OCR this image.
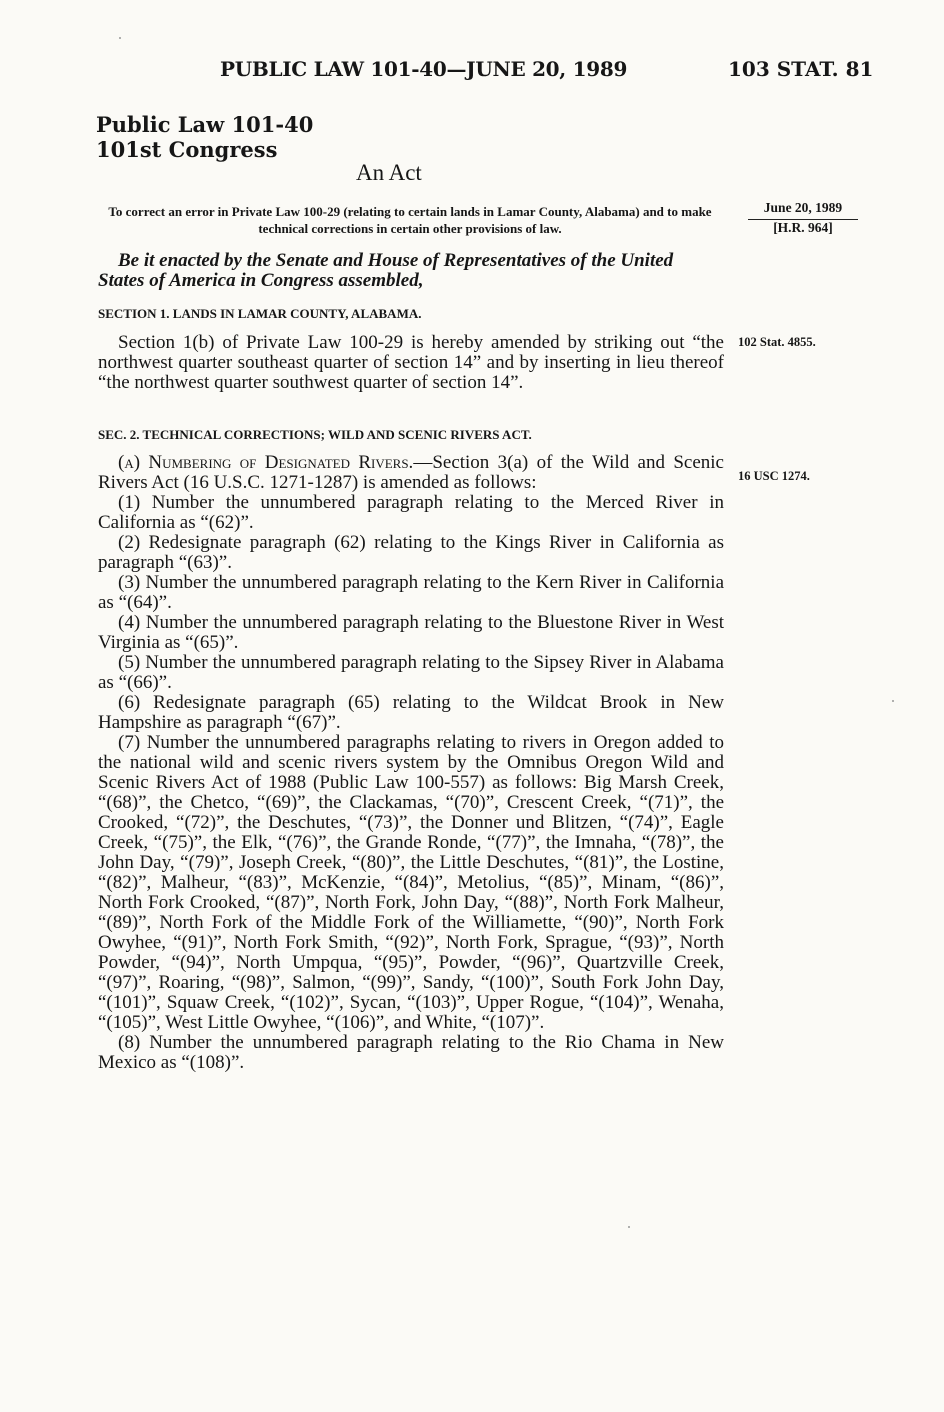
PUBLIC LAW 101-40—JUNE 20, 1989	103 STAT. 81
Public Law 101-40
101st Congress
An Act
To correct an error in Private Law 100-29 (relating to certain lands in Lamar County, Alabama) and to make technical corrections in certain other provisions of law.
June 20, 1989
[H.R. 964]
Be it enacted by the Senate and House of Representatives of the United States of America in Congress assembled,
SECTION 1. LANDS IN LAMAR COUNTY, ALABAMA.

Section 1(b) of Private Law 100-29 is hereby amended by striking out “the northwest quarter southeast quarter of section 14” and by inserting in lieu thereof “the northwest quarter southwest quarter of section 14”.

102 Stat. 4855.
SEC. 2. TECHNICAL CORRECTIONS; WILD AND SCENIC RIVERS ACT.

(a) Numbering of Designated Rivers.—Section 3(a) of the Wild and Scenic Rivers Act (16 U.S.C. 1271-1287) is amended as follows:

(1) Number the unnumbered paragraph relating to the Merced River in California as “(62)”.

(2) Redesignate paragraph (62) relating to the Kings River in California as paragraph “(63)”.

(3) Number the unnumbered paragraph relating to the Kern River in California as “(64)”.

(4) Number the unnumbered paragraph relating to the Bluestone River in West Virginia as “(65)”.

(5) Number the unnumbered paragraph relating to the Sipsey River in Alabama as “(66)”.

(6) Redesignate paragraph (65) relating to the Wildcat Brook in New Hampshire as paragraph “(67)”.

(7) Number the unnumbered paragraphs relating to rivers in Oregon added to the national wild and scenic rivers system by the Omnibus Oregon Wild and Scenic Rivers Act of 1988 (Public Law 100-557) as follows: Big Marsh Creek, “(68)”, the Chetco, “(69)”, the Clackamas, “(70)”, Crescent Creek, “(71)”, the Crooked, “(72)”, the Deschutes, “(73)”, the Donner und Blitzen, “(74)”, Eagle Creek, “(75)”, the Elk, “(76)”, the Grande Ronde, “(77)”, the Imnaha, “(78)”, the John Day, “(79)”, Joseph Creek, “(80)”, the Little Deschutes, “(81)”, the Lostine, “(82)”, Malheur, “(83)”, McKenzie, “(84)”, Metolius, “(85)”, Minam, “(86)”, North Fork Crooked, “(87)”, North Fork, John Day, “(88)”, North Fork Malheur, “(89)”, North Fork of the Middle Fork of the Williamette, “(90)”, North Fork Owyhee, “(91)”, North Fork Smith, “(92)”, North Fork, Sprague, “(93)”, North Powder, “(94)”, North Umpqua, “(95)”, Powder, “(96)”, Quartzville Creek, “(97)”, Roaring, “(98)”, Salmon, “(99)”, Sandy, “(100)”, South Fork John Day, “(101)”, Squaw Creek, “(102)”, Sycan, “(103)”, Upper Rogue, “(104)”, Wenaha, “(105)”, West Little Owyhee, “(106)”, and White, “(107)”.

(8) Number the unnumbered paragraph relating to the Rio Chama in New Mexico as “(108)”.

16 USC 1274.
